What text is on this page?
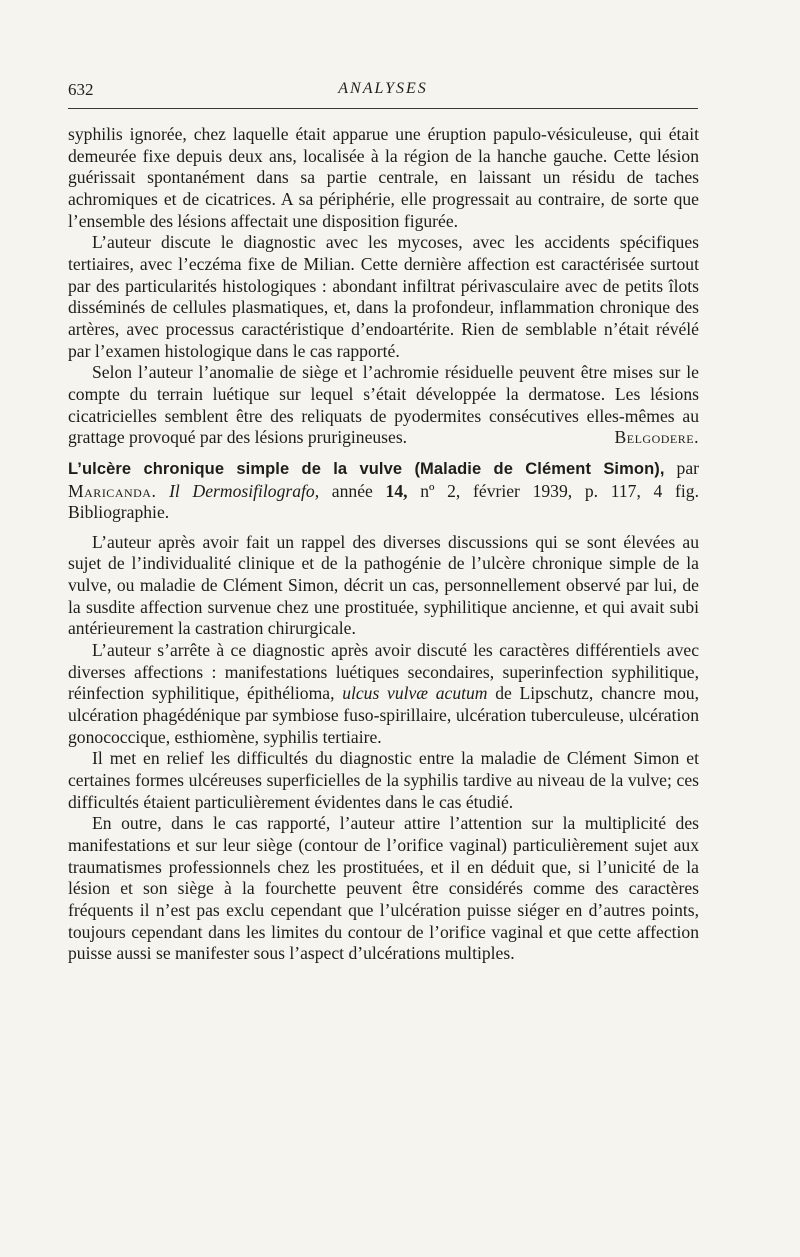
632	ANALYSES

syphilis ignorée, chez laquelle était apparue une éruption papulo-vésiculeuse, qui était demeurée fixe depuis deux ans, localisée à la région de la hanche gauche. Cette lésion guérissait spontanément dans sa partie centrale, en laissant un résidu de taches achromiques et de cicatrices. A sa périphérie, elle progressait au contraire, de sorte que l’ensemble des lésions affectait une disposition figurée.

L’auteur discute le diagnostic avec les mycoses, avec les accidents spécifiques tertiaires, avec l’eczéma fixe de Milian. Cette dernière affection est caractérisée surtout par des particularités histologiques : abondant infiltrat périvasculaire avec de petits îlots disséminés de cellules plasmatiques, et, dans la profondeur, inflammation chronique des artères, avec processus caractéristique d’endoartérite. Rien de semblable n’était révélé par l’examen histologique dans le cas rapporté.

Selon l’auteur l’anomalie de siège et l’achromie résiduelle peuvent être mises sur le compte du terrain luétique sur lequel s’était développée la dermatose. Les lésions cicatricielles semblent être des reliquats de pyodermites consécutives elles-mêmes au grattage provoqué par des lésions prurigineuses.	Belgodere.

L’ulcère chronique simple de la vulve (Maladie de Clément Simon), par Maricanda. Il Dermosifilografo, année 14, nº 2, février 1939, p. 117, 4 fig. Bibliographie.

L’auteur après avoir fait un rappel des diverses discussions qui se sont élevées au sujet de l’individualité clinique et de la pathogénie de l’ulcère chronique simple de la vulve, ou maladie de Clément Simon, décrit un cas, personnellement observé par lui, de la susdite affection survenue chez une prostituée, syphilitique ancienne, et qui avait subi antérieurement la castration chirurgicale.

L’auteur s’arrête à ce diagnostic après avoir discuté les caractères différentiels avec diverses affections : manifestations luétiques secondaires, superinfection syphilitique, réinfection syphilitique, épithélioma, ulcus vulvæ acutum de Lipschutz, chancre mou, ulcération phagédénique par symbiose fuso-spirillaire, ulcération tuberculeuse, ulcération gonococcique, esthiomène, syphilis tertiaire.

Il met en relief les difficultés du diagnostic entre la maladie de Clément Simon et certaines formes ulcéreuses superficielles de la syphilis tardive au niveau de la vulve; ces difficultés étaient particulièrement évidentes dans le cas étudié.

En outre, dans le cas rapporté, l’auteur attire l’attention sur la multiplicité des manifestations et sur leur siège (contour de l’orifice vaginal) particulièrement sujet aux traumatismes professionnels chez les prostituées, et il en déduit que, si l’unicité de la lésion et son siège à la fourchette peuvent être considérés comme des caractères fréquents il n’est pas exclu cependant que l’ulcération puisse siéger en d’autres points, toujours cependant dans les limites du contour de l’orifice vaginal et que cette affection puisse aussi se manifester sous l’aspect d’ulcérations multiples.
